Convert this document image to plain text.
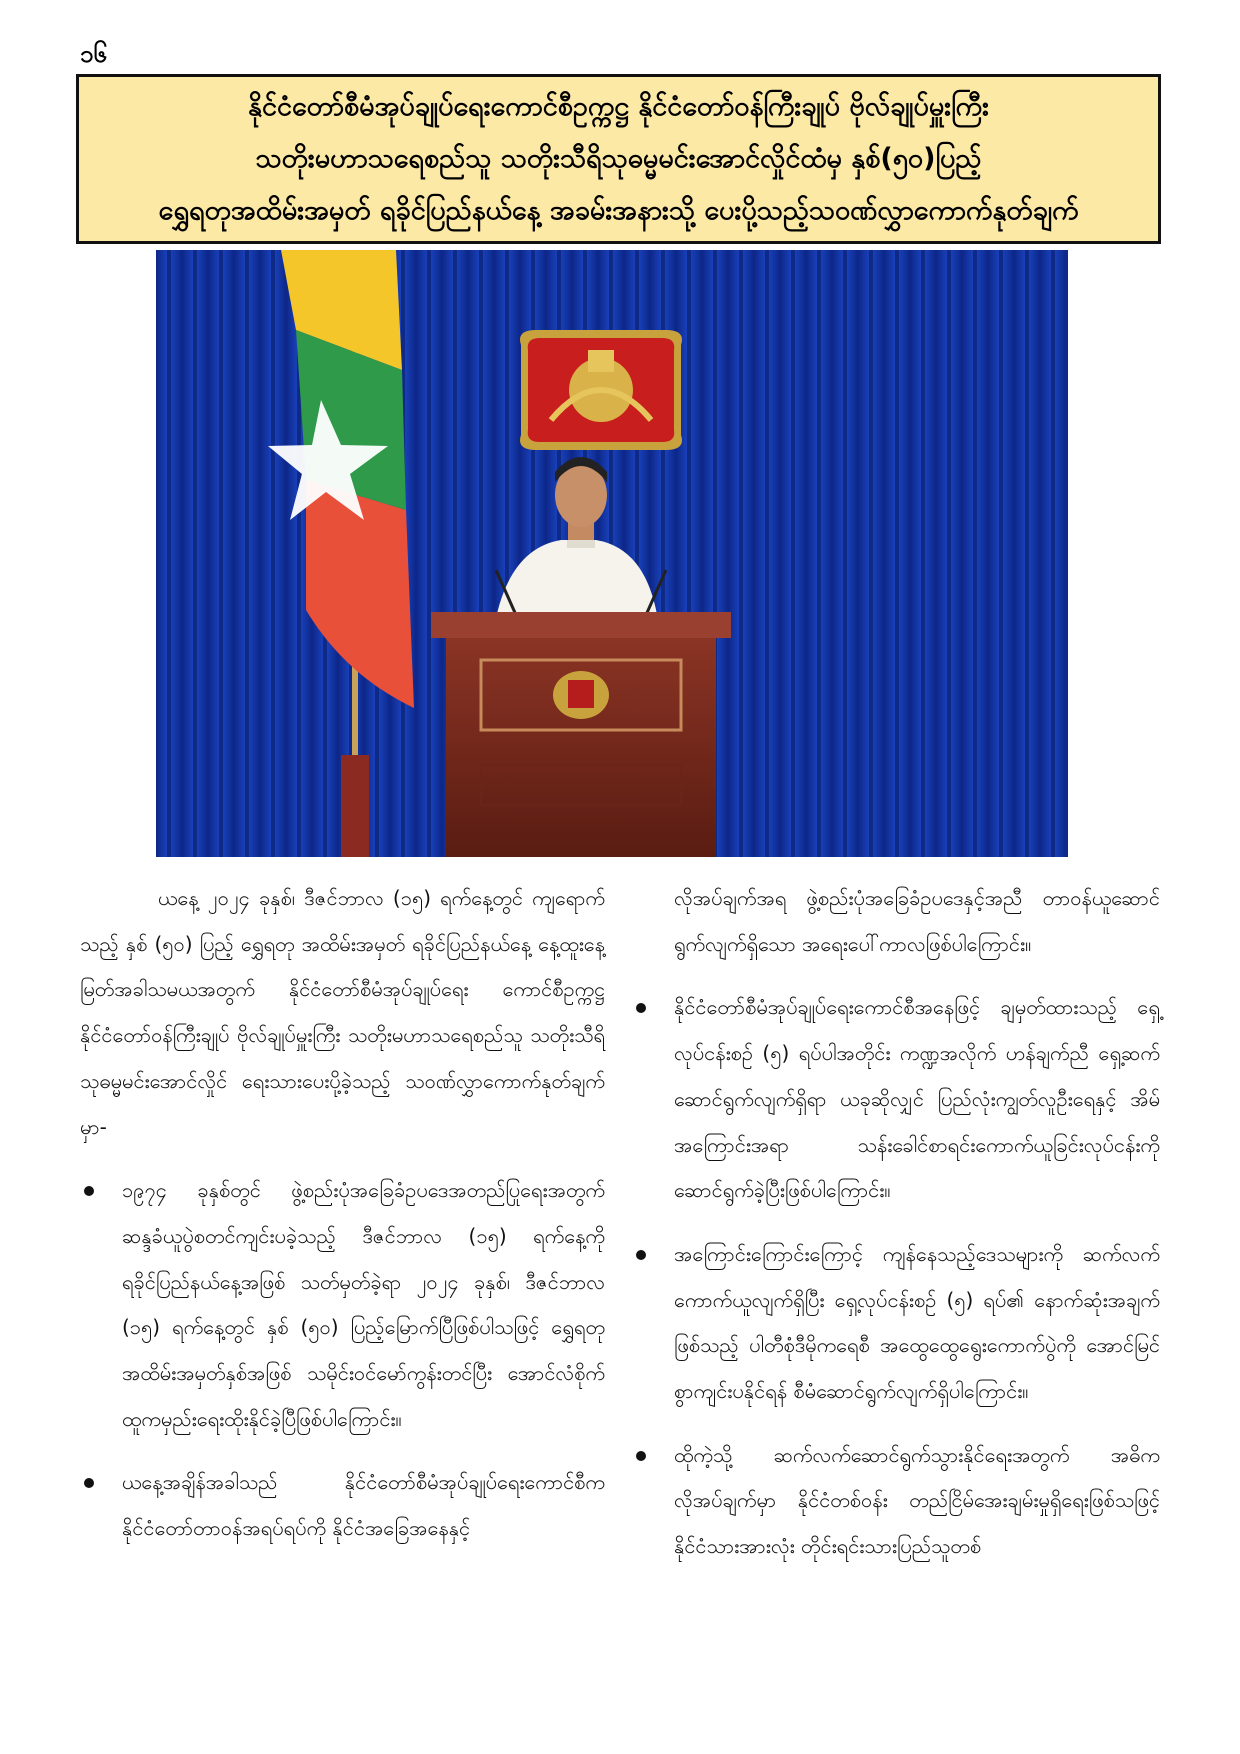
၁၆
နိုင်ငံတော်စီမံအုပ်ချုပ်ရေးကောင်စီဥက္ကဋ္ဌ နိုင်ငံတော်ဝန်ကြီးချုပ် ဗိုလ်ချုပ်မှူးကြီး
သတိုးမဟာသရေစည်သူ သတိုးသီရိသုဓမ္မမင်းအောင်လှိုင်ထံမှ နှစ်(၅၀)ပြည့်
ရွှေရတုအထိမ်းအမှတ် ရခိုင်ပြည်နယ်နေ့ အခမ်းအနားသို့ ပေးပို့သည့်သဝဏ်လွှာကောက်နုတ်ချက်

ယနေ့ ၂၀၂၄ ခုနှစ်၊ ဒီဇင်ဘာလ (၁၅) ရက်နေ့တွင် ကျရောက်သည့် နှစ် (၅၀) ပြည့် ရွှေရတု အထိမ်းအမှတ် ရခိုင်ပြည်နယ်နေ့ နေ့ထူးနေ့မြတ်အခါသမယအတွက် နိုင်ငံတော်စီမံအုပ်ချုပ်ရေး ကောင်စီဥက္ကဋ္ဌ နိုင်ငံတော်ဝန်ကြီးချုပ် ဗိုလ်ချုပ်မှူးကြီး သတိုးမဟာသရေစည်သူ သတိုးသီရိသုဓမ္မမင်းအောင်လှိုင် ရေးသားပေးပို့ခဲ့သည့် သဝဏ်လွှာကောက်နုတ်ချက်မှာ-

၁၉၇၄ ခုနှစ်တွင် ဖွဲ့စည်းပုံအခြေခံဥပဒေအတည်ပြုရေးအတွက် ဆန္ဒခံယူပွဲစတင်ကျင်းပခဲ့သည့် ဒီဇင်ဘာလ (၁၅) ရက်နေ့ကို ရခိုင်ပြည်နယ်နေ့အဖြစ် သတ်မှတ်ခဲ့ရာ ၂၀၂၄ ခုနှစ်၊ ဒီဇင်ဘာလ (၁၅) ရက်နေ့တွင် နှစ် (၅၀) ပြည့်မြောက်ပြီဖြစ်ပါသဖြင့် ရွှေရတုအထိမ်းအမှတ်နှစ်အဖြစ် သမိုင်းဝင်မော်ကွန်းတင်ပြီး အောင်လံစိုက်ထူကမှည်းရေးထိုးနိုင်ခဲ့ပြီဖြစ်ပါကြောင်း။
ယနေ့အချိန်အခါသည် နိုင်ငံတော်စီမံအုပ်ချုပ်ရေးကောင်စီက နိုင်ငံတော်တာဝန်အရပ်ရပ်ကို နိုင်ငံအခြေအနေနှင့်

လိုအပ်ချက်အရ ဖွဲ့စည်းပုံအခြေခံဥပဒေနှင့်အညီ တာဝန်ယူဆောင်ရွက်လျက်ရှိသော အရေးပေါ်ကာလဖြစ်ပါကြောင်း။

နိုင်ငံတော်စီမံအုပ်ချုပ်ရေးကောင်စီအနေဖြင့် ချမှတ်ထားသည့် ရှေ့လုပ်ငန်းစဉ် (၅) ရပ်ပါအတိုင်း ကဏ္ဍအလိုက် ဟန်ချက်ညီ ရှေ့ဆက်ဆောင်ရွက်လျက်ရှိရာ ယခုဆိုလျှင် ပြည်လုံးကျွတ်လူဦးရေနှင့် အိမ်အကြောင်းအရာ သန်းခေါင်စာရင်းကောက်ယူခြင်းလုပ်ငန်းကို ဆောင်ရွက်ခဲ့ပြီးဖြစ်ပါကြောင်း။
အကြောင်းကြောင်းကြောင့် ကျန်နေသည့်ဒေသများကို ဆက်လက်ကောက်ယူလျက်ရှိပြီး ရှေ့လုပ်ငန်းစဉ် (၅) ရပ်၏ နောက်ဆုံးအချက်ဖြစ်သည့် ပါတီစုံဒီမိုကရေစီ အထွေထွေရွေးကောက်ပွဲကို အောင်မြင်စွာကျင်းပနိုင်ရန် စီမံဆောင်ရွက်လျက်ရှိပါကြောင်း။
ထိုကဲ့သို့ ဆက်လက်ဆောင်ရွက်သွားနိုင်ရေးအတွက် အဓိကလိုအပ်ချက်မှာ နိုင်ငံတစ်ဝန်း တည်ငြိမ်အေးချမ်းမှုရှိရေးဖြစ်သဖြင့် နိုင်ငံသားအားလုံး တိုင်းရင်းသားပြည်သူတစ်
